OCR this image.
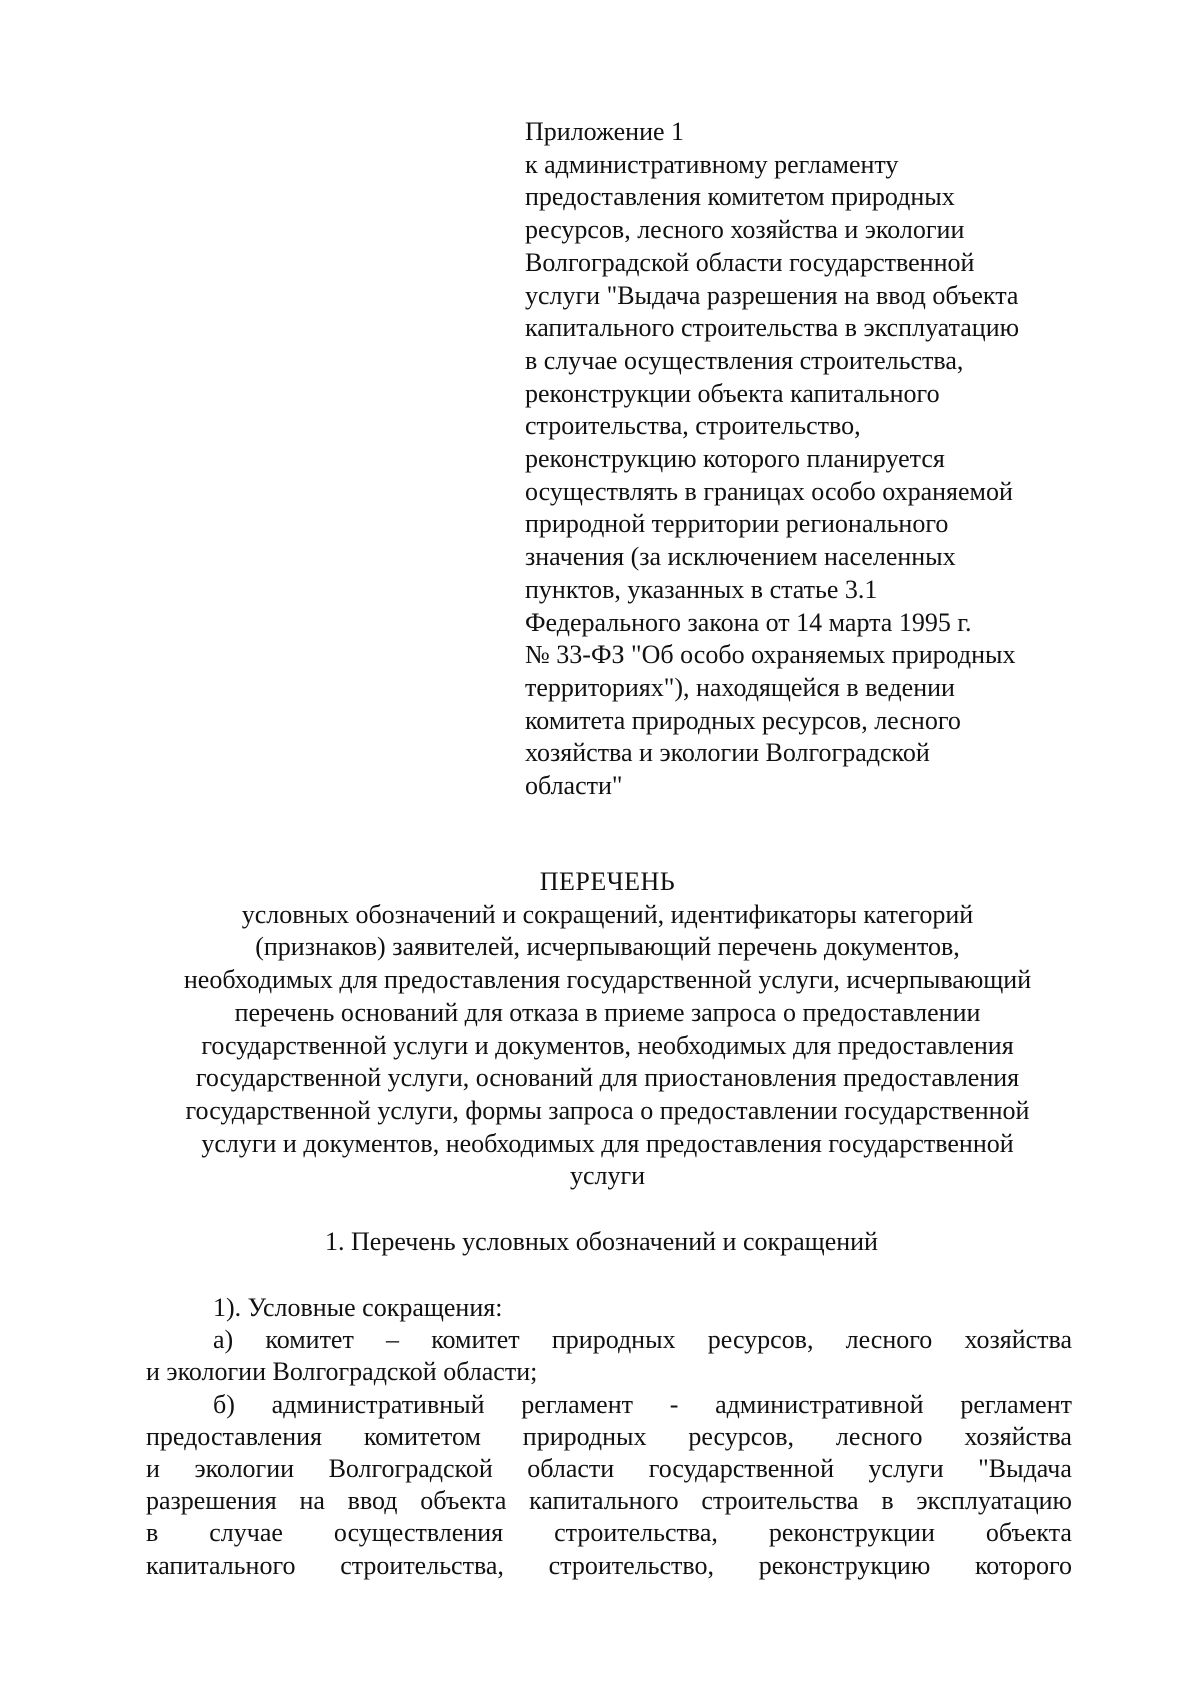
Приложение 1
к административному регламенту
предоставления комитетом природных
ресурсов, лесного хозяйства и экологии
Волгоградской области государственной
услуги "Выдача разрешения на ввод объекта
капитального строительства в эксплуатацию
в случае осуществления строительства,
реконструкции объекта капитального
строительства, строительство,
реконструкцию которого планируется
осуществлять в границах особо охраняемой
природной территории регионального
значения (за исключением населенных
пунктов, указанных в статье 3.1
Федерального закона от 14 марта 1995 г.
№ 33-ФЗ "Об особо охраняемых природных
территориях"), находящейся в ведении
комитета природных ресурсов, лесного
хозяйства и экологии Волгоградской
области"
ПЕРЕЧЕНЬ
условных обозначений и сокращений, идентификаторы категорий
(признаков) заявителей, исчерпывающий перечень документов,
необходимых для предоставления государственной услуги, исчерпывающий
перечень оснований для отказа в приеме запроса о предоставлении
государственной услуги и документов, необходимых для предоставления
государственной услуги, оснований для приостановления предоставления
государственной услуги, формы запроса о предоставлении государственной
услуги и документов, необходимых для предоставления государственной
услуги
1. Перечень условных обозначений и сокращений
1). Условные сокращения:
а) комитет – комитет природных ресурсов, лесного хозяйства
и экологии Волгоградской области;
б) административный регламент - административной регламент
предоставления комитетом природных ресурсов, лесного хозяйства
и экологии Волгоградской области государственной услуги "Выдача
разрешения на ввод объекта капитального строительства в эксплуатацию
в случае осуществления строительства, реконструкции объекта
капитального строительства, строительство, реконструкцию которого
